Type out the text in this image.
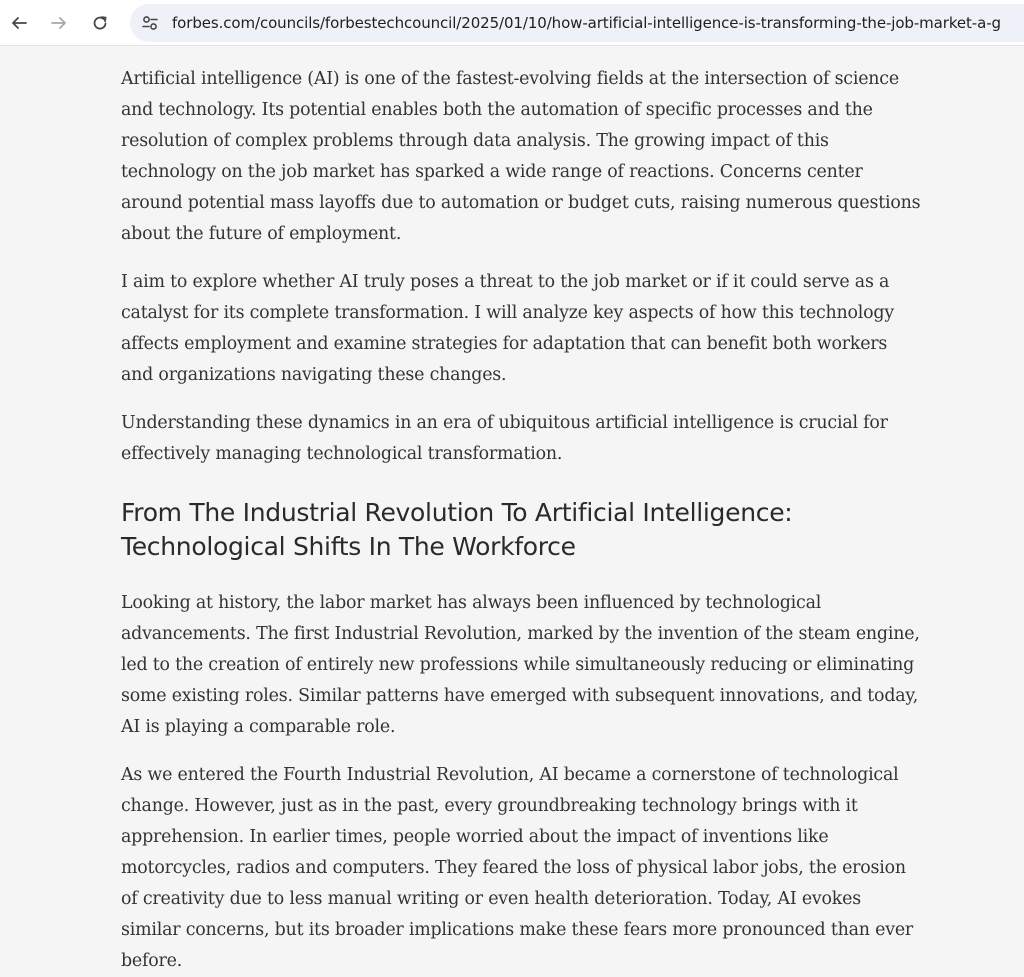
forbes.com/councils/forbestechcouncil/2025/01/10/how-artificial-intelligence-is-transforming-the-job-market-a-g

Artificial intelligence (AI) is one of the fastest-evolving fields at the intersection of science and technology. Its potential enables both the automation of specific processes and the resolution of complex problems through data analysis. The growing impact of this technology on the job market has sparked a wide range of reactions. Concerns center around potential mass layoffs due to automation or budget cuts, raising numerous questions about the future of employment.

I aim to explore whether AI truly poses a threat to the job market or if it could serve as a catalyst for its complete transformation. I will analyze key aspects of how this technology affects employment and examine strategies for adaptation that can benefit both workers and organizations navigating these changes.

Understanding these dynamics in an era of ubiquitous artificial intelligence is crucial for effectively managing technological transformation.

From The Industrial Revolution To Artificial Intelligence: Technological Shifts In The Workforce

Looking at history, the labor market has always been influenced by technological advancements. The first Industrial Revolution, marked by the invention of the steam engine, led to the creation of entirely new professions while simultaneously reducing or eliminating some existing roles. Similar patterns have emerged with subsequent innovations, and today, AI is playing a comparable role.

As we entered the Fourth Industrial Revolution, AI became a cornerstone of technological change. However, just as in the past, every groundbreaking technology brings with it apprehension. In earlier times, people worried about the impact of inventions like motorcycles, radios and computers. They feared the loss of physical labor jobs, the erosion of creativity due to less manual writing or even health deterioration. Today, AI evokes similar concerns, but its broader implications make these fears more pronounced than ever before.
